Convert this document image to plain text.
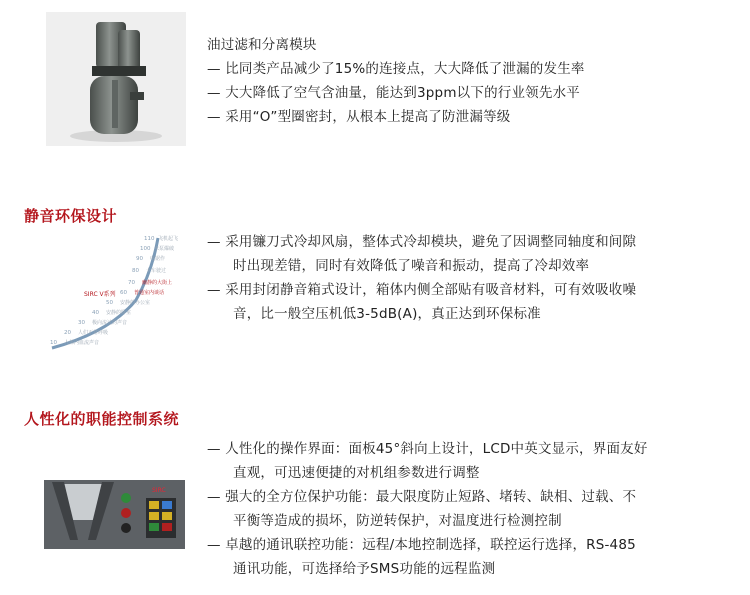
油过滤和分离模块
— 比同类产品减少了15%的连接点，大大降低了泄漏的发生率
— 大大降低了空气含油量，能达到3ppm以下的行业领先水平
— 采用“O”型圈密封，从根本上提高了防泄漏等级
静音环保设计
110
100
90
80
70
60
50
40
30
20
10
飞机起飞
水泵爆破
电锯作
卡车驶过
幽静的大街上
普通室内谈话
安静的办公室
安静的卧室
极向流过的声音
人们正常呼吸
人体内血流声音
SIRC V系列
— 采用镰刀式冷却风扇，整体式冷却模块，避免了因调整同轴度和间隙
时出现差错，同时有效降低了噪音和振动，提高了冷却效率
— 采用封闭静音箱式设计，箱体内侧全部贴有吸音材料，可有效吸收噪
音，比一般空压机低3-5dB(A)，真正达到环保标准
人性化的职能控制系统
SIRC
— 人性化的操作界面：面板45°斜向上设计，LCD中英文显示，界面友好
直观，可迅速便捷的对机组参数进行调整
— 强大的全方位保护功能：最大限度防止短路、堵转、缺相、过载、不
平衡等造成的损坏，防逆转保护，对温度进行检测控制
— 卓越的通讯联控功能：远程/本地控制选择，联控运行选择，RS-485
通讯功能，可选择给予SMS功能的远程监测
